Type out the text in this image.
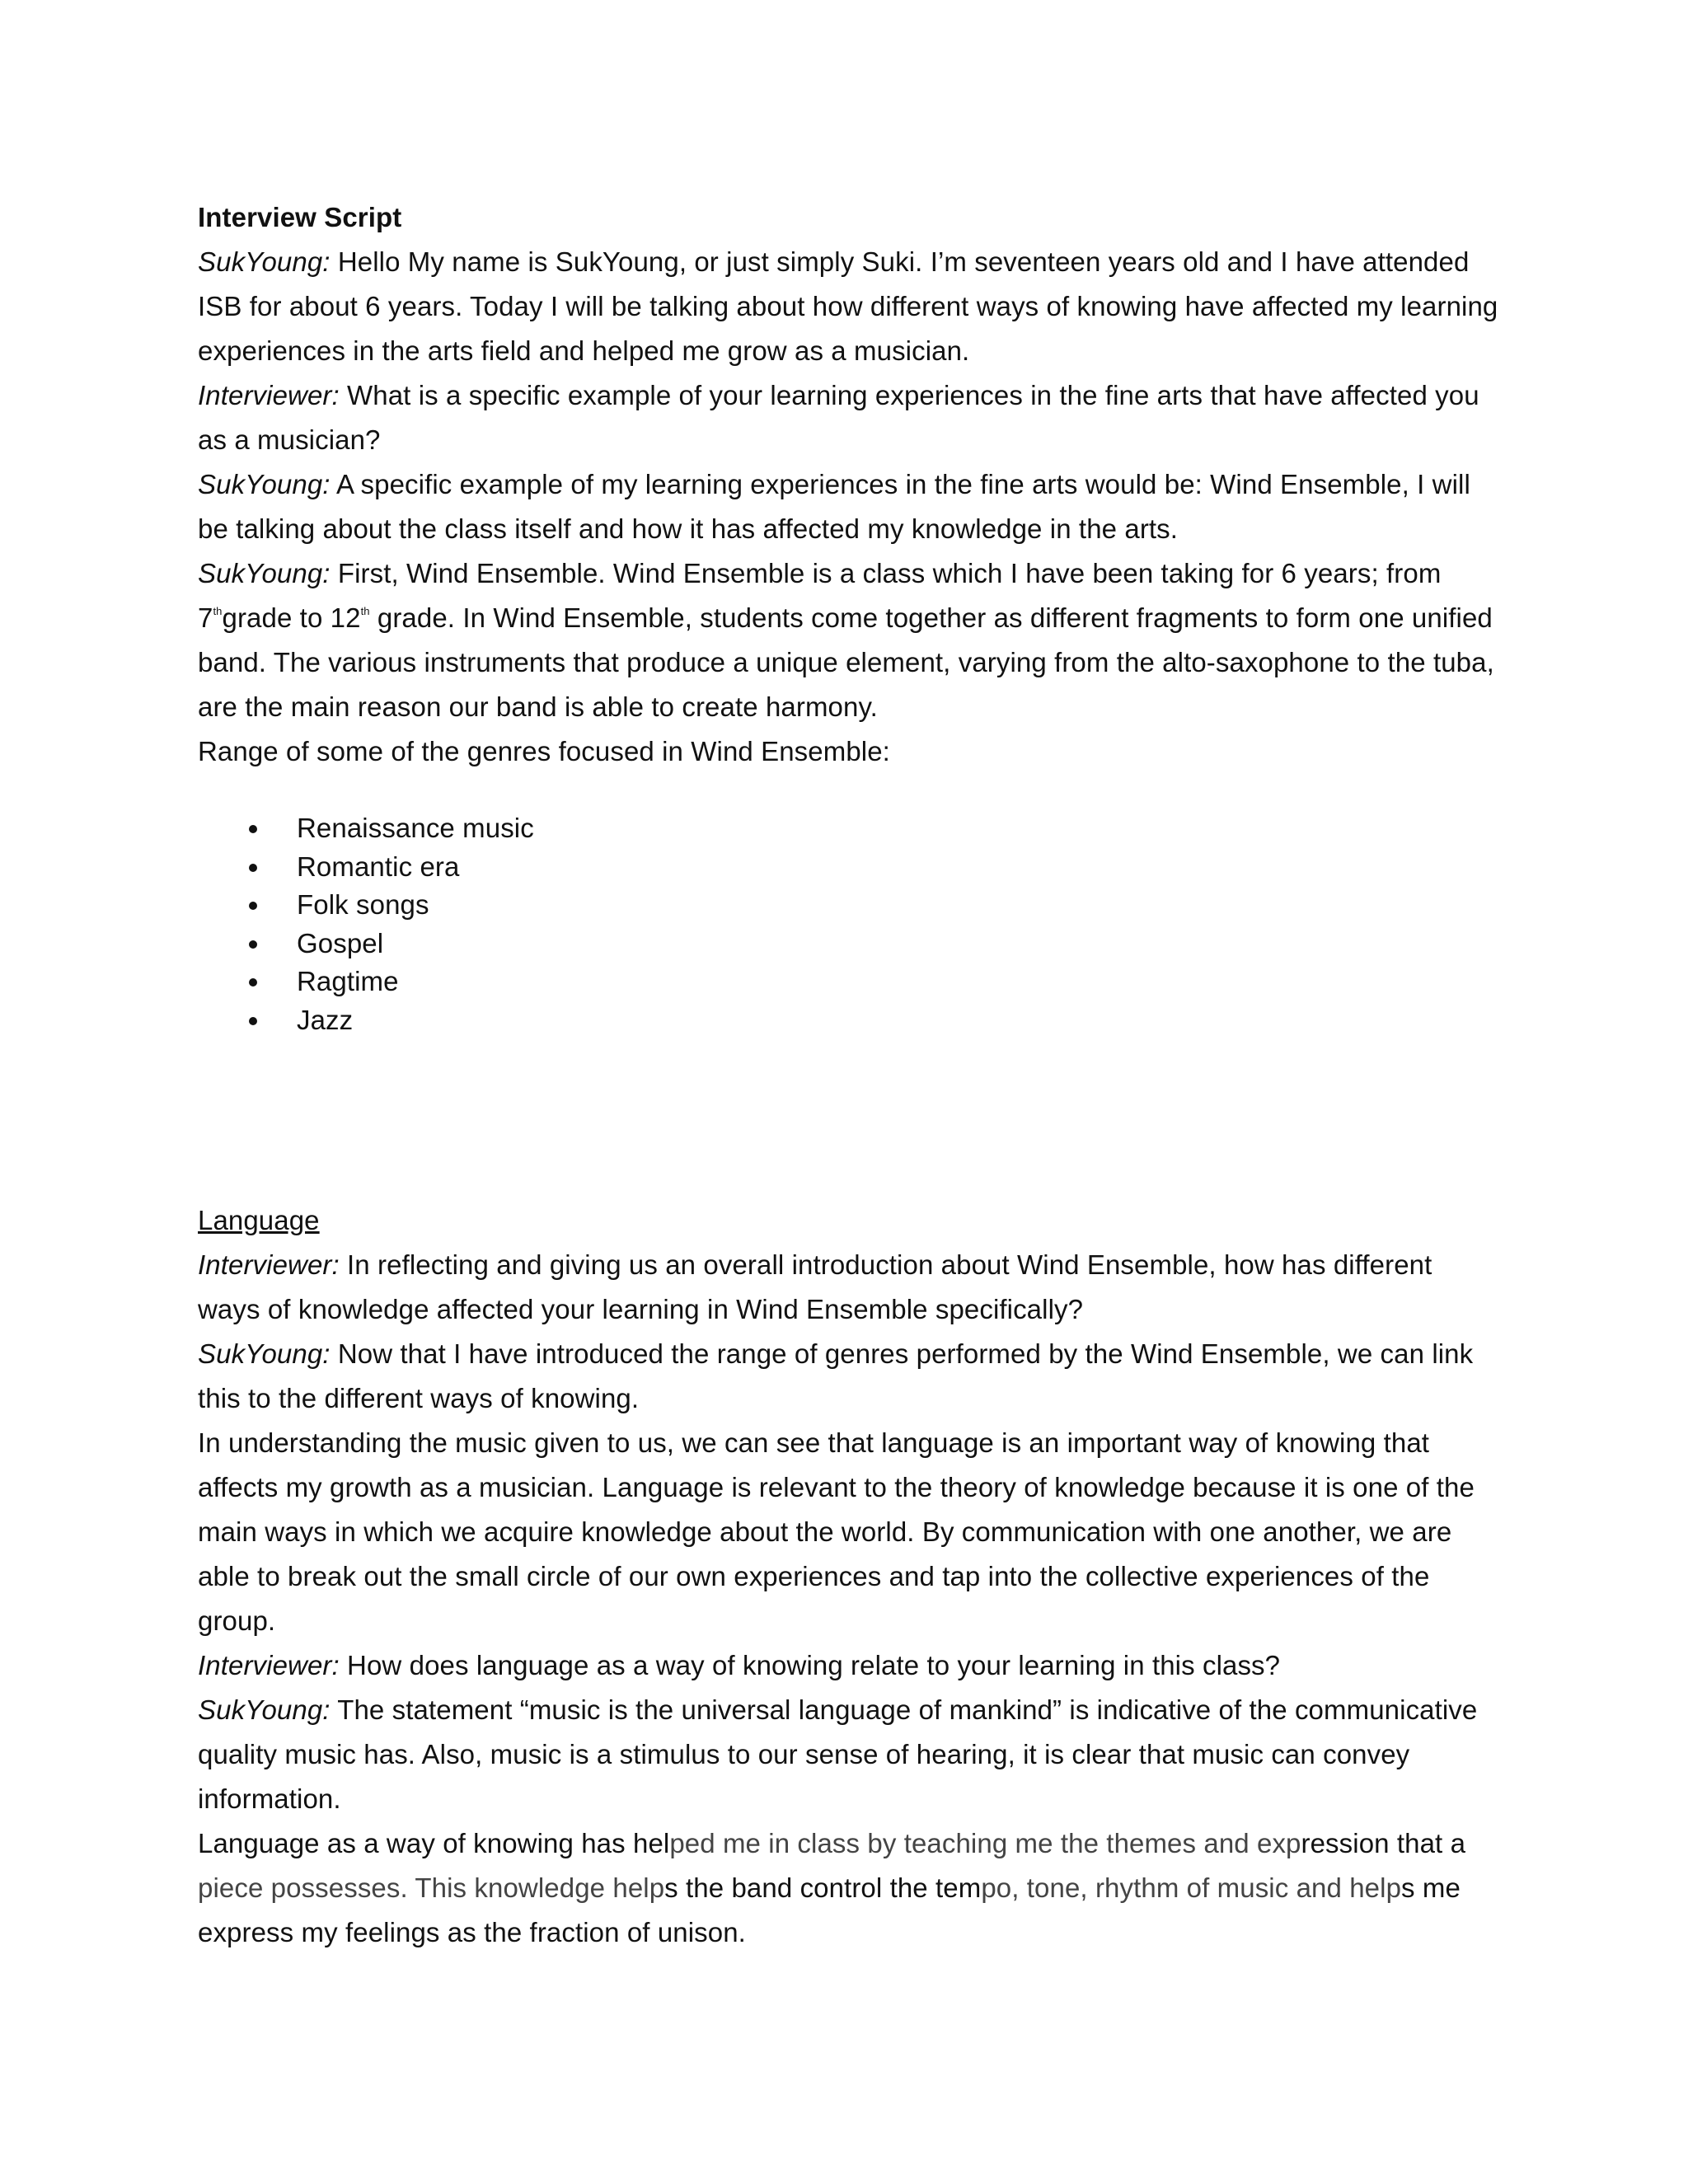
Interview Script

SukYoung: Hello My name is SukYoung, or just simply Suki. I’m seventeen years old and I have attended ISB for about 6 years. Today I will be talking about how different ways of knowing have affected my learning experiences in the arts field and helped me grow as a musician.

Interviewer: What is a specific example of your learning experiences in the fine arts that have affected you as a musician?

SukYoung: A specific example of my learning experiences in the fine arts would be: Wind Ensemble, I will be talking about the class itself and how it has affected my knowledge in the arts.

SukYoung: First, Wind Ensemble. Wind Ensemble is a class which I have been taking for 6 years; from 7thgrade to 12th grade. In Wind Ensemble, students come together as different fragments to form one unified band. The various instruments that produce a unique element, varying from the alto-saxophone to the tuba, are the main reason our band is able to create harmony.

Range of some of the genres focused in Wind Ensemble:

Renaissance music
Romantic era
Folk songs
Gospel
Ragtime
Jazz

Language

Interviewer: In reflecting and giving us an overall introduction about Wind Ensemble, how has different ways of knowledge affected your learning in Wind Ensemble specifically?

SukYoung: Now that I have introduced the range of genres performed by the Wind Ensemble, we can link this to the different ways of knowing.

In understanding the music given to us, we can see that language is an important way of knowing that affects my growth as a musician. Language is relevant to the theory of knowledge because it is one of the main ways in which we acquire knowledge about the world. By communication with one another, we are able to break out the small circle of our own experiences and tap into the collective experiences of the group.

Interviewer: How does language as a way of knowing relate to your learning in this class?

SukYoung: The statement “music is the universal language of mankind” is indicative of the communicative quality music has. Also, music is a stimulus to our sense of hearing, it is clear that music can convey information.

Language as a way of knowing has helped me in class by teaching me the themes and expression that a piece possesses. This knowledge helps the band control the tempo, tone, rhythm of music and helps me express my feelings as the fraction of unison.
